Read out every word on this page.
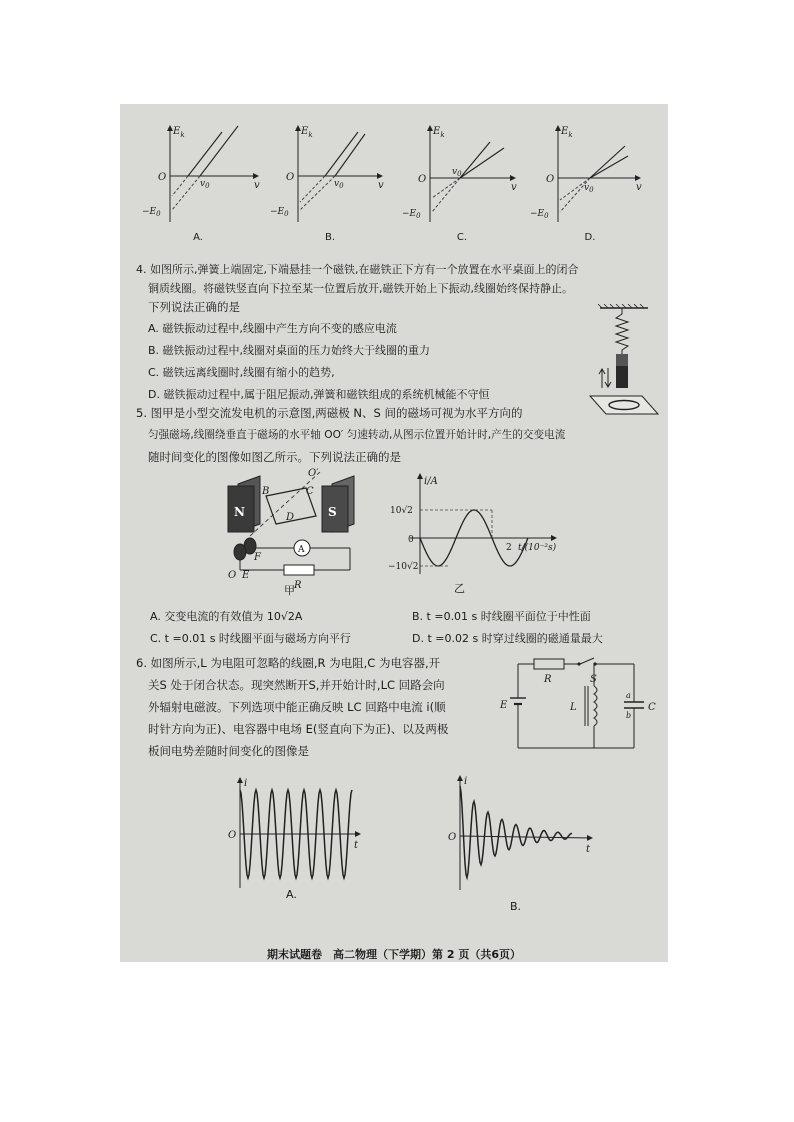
$E_k$
O
v
$v_0$
$-E_0$
$E_k$
O
v
$v_0$
$-E_0$
$E_k$
O
v
$v_0$
$-E_0$
$E_k$
O
v
$v_0$
$-E_0$
A.	B.	C.	D.
4. 如图所示,弹簧上端固定,下端悬挂一个磁铁,在磁铁正下方有一个放置在水平桌面上的闭合
铜质线圈。将磁铁竖直向下拉至某一位置后放开,磁铁开始上下振动,线圈始终保持静止。
下列说法正确的是
A. 磁铁振动过程中,线圈中产生方向不变的感应电流
B. 磁铁振动过程中,线圈对桌面的压力始终大于线圈的重力
C. 磁铁远离线圈时,线圈有缩小的趋势,
D. 磁铁振动过程中,属于阻尼振动,弹簧和磁铁组成的系统机械能不守恒
5. 图甲是小型交流发电机的示意图,两磁极 N、S 间的磁场可视为水平方向的
匀强磁场,线圈绕垂直于磁场的水平轴 OO′ 匀速转动,从图示位置开始计时,产生的交变电流
随时间变化的图像如图乙所示。下列说法正确的是
N	S
O′
B	C
D
F
A
R
O E
甲
i/A
t/(10⁻²s)
10√2
−10√2
0
2
乙
A. 交变电流的有效值为 10√2A	B. t =0.01 s 时线圈平面位于中性面
C. t =0.01 s 时线圈平面与磁场方向平行	D. t =0.02 s 时穿过线圈的磁通量最大
6. 如图所示,L 为电阻可忽略的线圈,R 为电阻,C 为电容器,开
关S 处于闭合状态。现突然断开S,并开始计时,LC 回路会向
外辐射电磁波。下列选项中能正确反映 LC 回路中电流 i(顺
时针方向为正)、电容器中电场 E(竖直向下为正)、以及两极
板间电势差随时间变化的图像是
R	S
E
a
b
C
L
i
t
O
A.
i
t
O
B.
期末试题卷　高二物理（下学期）第 2 页（共6页）
